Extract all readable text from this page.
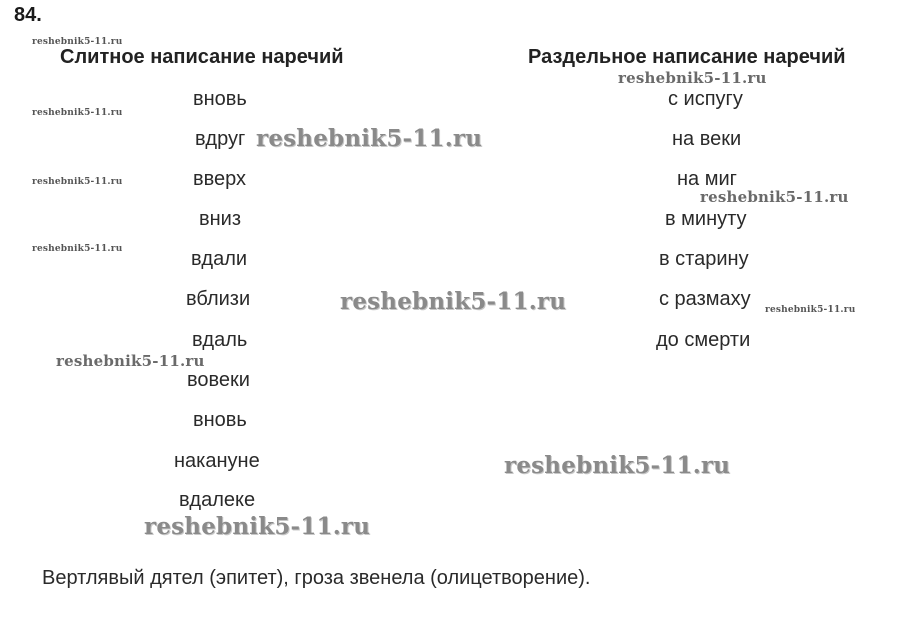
84.
Слитное написание наречий	Раздельное написание наречий
вновь
вдруг
вверх
вниз
вдали
вблизи
вдаль
вовеки
вновь
накануне
вдалеке
с испугу
на веки
на миг
в минуту
в старину
с размаху
до смерти
reshebnik5-11.ru
reshebnik5-11.ru
reshebnik5-11.ru
reshebnik5-11.ru
reshebnik5-11.ru
reshebnik5-11.ru
reshebnik5-11.ru
reshebnik5-11.ru
reshebnik5-11.ru
reshebnik5-11.ru
reshebnik5-11.ru
reshebnik5-11.ru
Вертлявый дятел (эпитет), гроза звенела (олицетворение).
